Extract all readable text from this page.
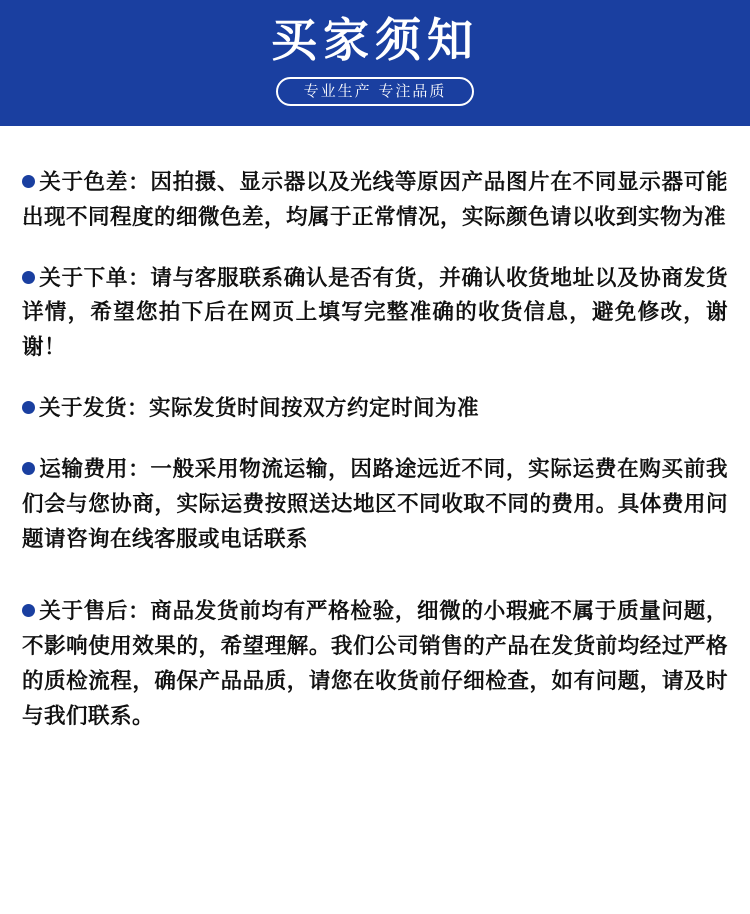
买家须知
专业生产 专注品质

关于色差：因拍摄、显示器以及光线等原因产品图片在不同显示器可能出现不同程度的细微色差，均属于正常情况，实际颜色请以收到实物为准

关于下单：请与客服联系确认是否有货，并确认收货地址以及协商发货详情，希望您拍下后在网页上填写完整准确的收货信息，避免修改，谢谢！

关于发货：实际发货时间按双方约定时间为准

运输费用：一般采用物流运输，因路途远近不同，实际运费在购买前我们会与您协商，实际运费按照送达地区不同收取不同的费用。具体费用问题请咨询在线客服或电话联系

关于售后：商品发货前均有严格检验，细微的小瑕疵不属于质量问题，不影响使用效果的，希望理解。我们公司销售的产品在发货前均经过严格的质检流程，确保产品品质，请您在收货前仔细检查，如有问题，请及时与我们联系。
